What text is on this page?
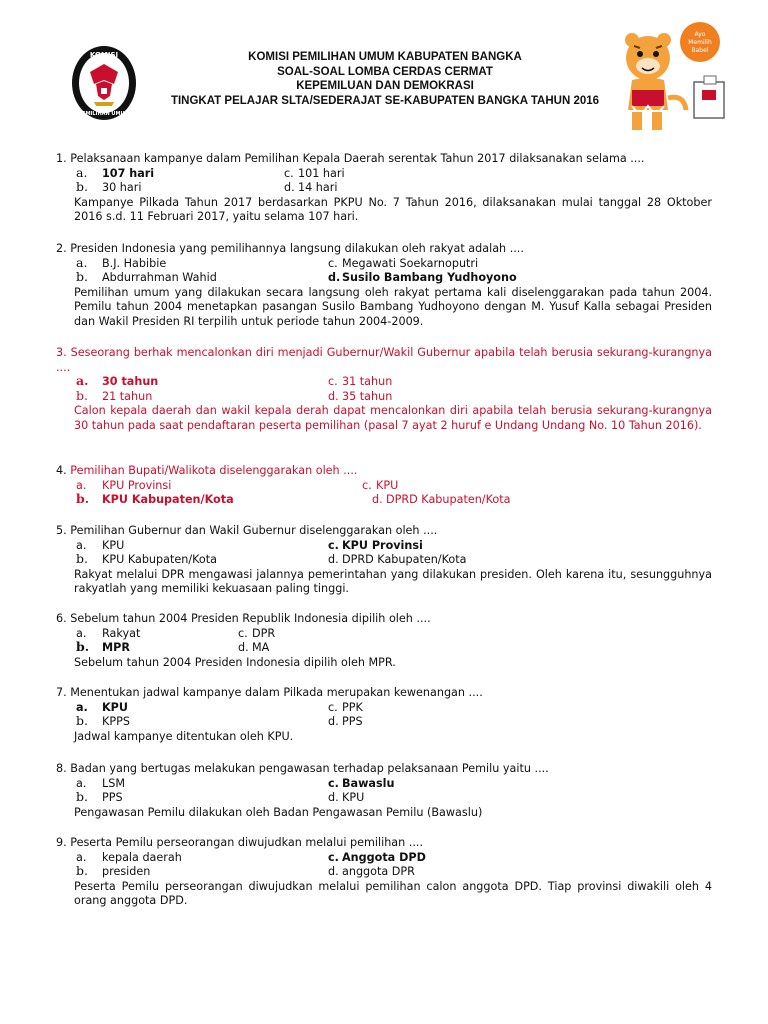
KOMISI
PEMILIHAN UMUM
KOMISI PEMILIHAN UMUM KABUPATEN BANGKA
SOAL-SOAL LOMBA CERDAS CERMAT
KEPEMILUAN DAN DEMOKRASI
TINGKAT PELAJAR SLTA/SEDERAJAT SE-KABUPATEN BANGKA TAHUN 2016
Ayo
Memilih
Babel
1. Pelaksanaan kampanye dalam Pemilihan Kepala Daerah serentak Tahun 2017 dilaksanakan selama ....
a. 107 hari	c. 101 hari
b. 30 hari	d. 14 hari
Kampanye Pilkada Tahun 2017 berdasarkan PKPU No. 7 Tahun 2016, dilaksanakan mulai tanggal 28 Oktober 2016 s.d. 11 Februari 2017, yaitu selama 107 hari.
2. Presiden Indonesia yang pemilihannya langsung dilakukan oleh rakyat adalah ....
a. B.J. Habibie	c. Megawati Soekarnoputri
b. Abdurrahman Wahid	d. Susilo Bambang Yudhoyono
Pemilihan umum yang dilakukan secara langsung oleh rakyat pertama kali diselenggarakan pada tahun 2004. Pemilu tahun 2004 menetapkan pasangan Susilo Bambang Yudhoyono dengan M. Yusuf Kalla sebagai Presiden dan Wakil Presiden RI terpilih untuk periode tahun 2004-2009.
3. Seseorang berhak mencalonkan diri menjadi Gubernur/Wakil Gubernur apabila telah berusia sekurang-kurangnya ....
a. 30 tahun	c. 31 tahun
b. 21 tahun	d. 35 tahun
Calon kepala daerah dan wakil kepala derah dapat mencalonkan diri apabila telah berusia sekurang-kurangnya 30 tahun pada saat pendaftaran peserta pemilihan (pasal 7 ayat 2 huruf e Undang Undang No. 10 Tahun 2016).
4. Pemilihan Bupati/Walikota diselenggarakan oleh ....
a. KPU Provinsi	c. KPU
b. KPU Kabupaten/Kota	d. DPRD Kabupaten/Kota
5. Pemilihan Gubernur dan Wakil Gubernur diselenggarakan oleh ....
a. KPU	c. KPU Provinsi
b. KPU Kabupaten/Kota	d. DPRD Kabupaten/Kota
Rakyat melalui DPR mengawasi jalannya pemerintahan yang dilakukan presiden. Oleh karena itu, sesungguhnya rakyatlah yang memiliki kekuasaan paling tinggi.
6. Sebelum tahun 2004 Presiden Republik Indonesia dipilih oleh ....
a. Rakyat	c. DPR
b. MPR	d. MA
Sebelum tahun 2004 Presiden Indonesia dipilih oleh MPR.
7. Menentukan jadwal kampanye dalam Pilkada merupakan kewenangan ....
a. KPU	c. PPK
b. KPPS	d. PPS
Jadwal kampanye ditentukan oleh KPU.
8. Badan yang bertugas melakukan pengawasan terhadap pelaksanaan Pemilu yaitu ....
a. LSM	c. Bawaslu
b. PPS	d. KPU
Pengawasan Pemilu dilakukan oleh Badan Pengawasan Pemilu (Bawaslu)
9. Peserta Pemilu perseorangan diwujudkan melalui pemilihan ....
a. kepala daerah	c. Anggota DPD
b. presiden	d. anggota DPR
Peserta Pemilu perseorangan diwujudkan melalui pemilihan calon anggota DPD. Tiap provinsi diwakili oleh 4 orang anggota DPD.
